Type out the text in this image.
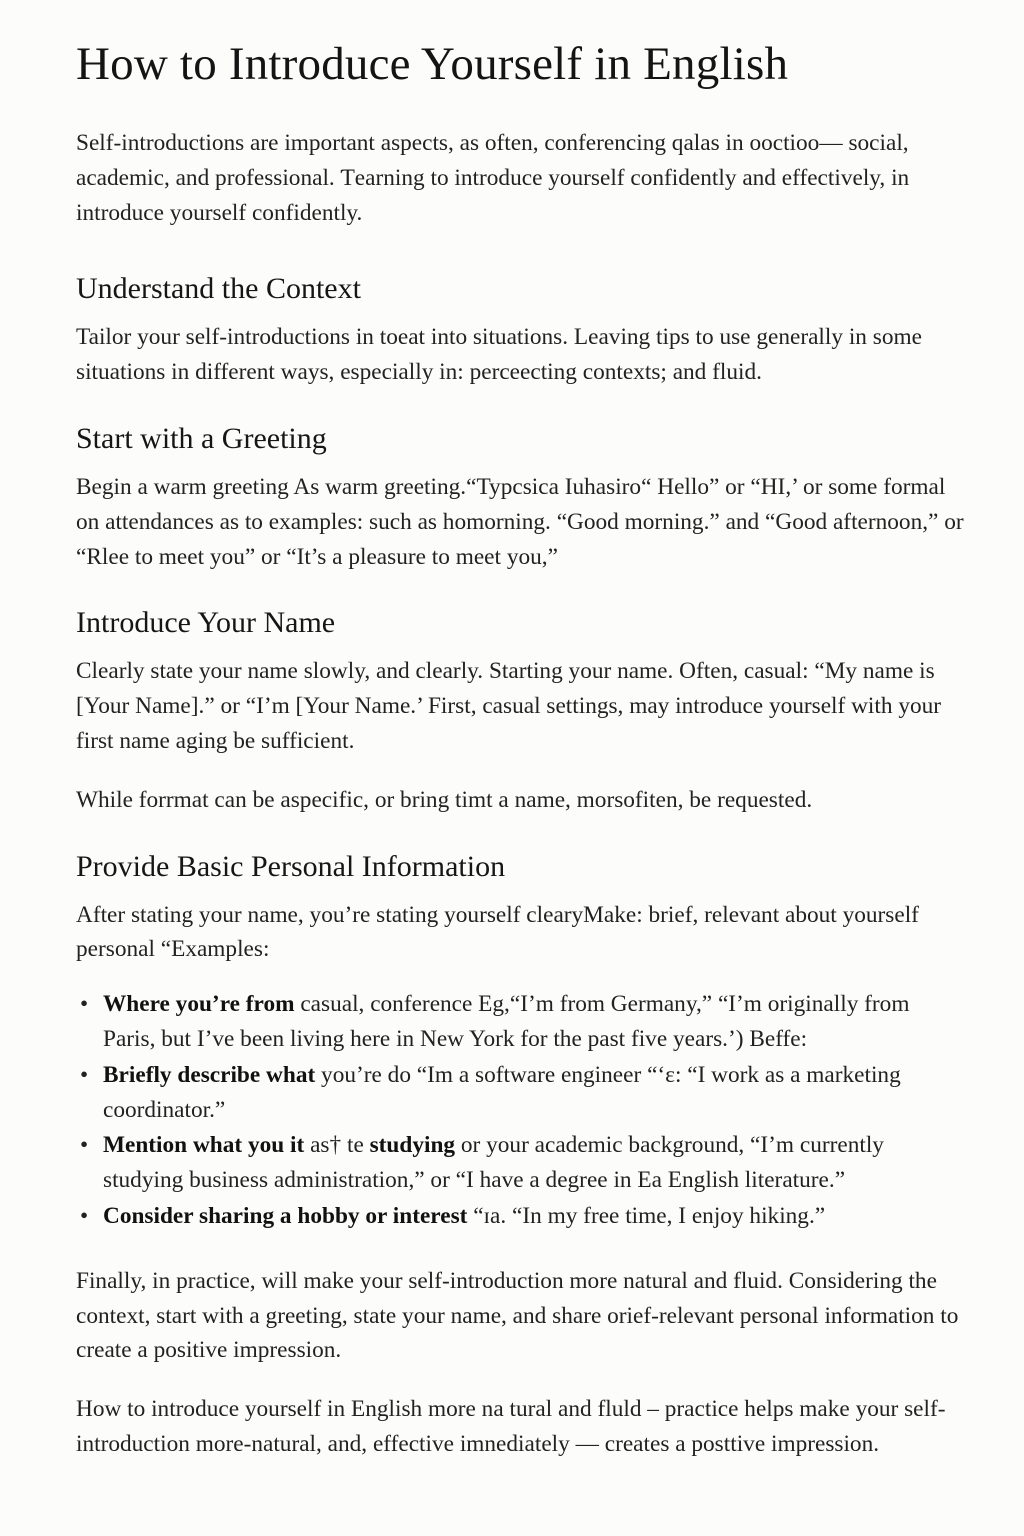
How to Introduce Yourself in English

Self-introductions are important aspects, as often, conferencing qalas in ooctioo— social, academic, and professional. Ƭearning to introduce yourself confidently and effectively, in introduce yourself confidently.

Understand the Context

Tailor your self-introductions in toeat into situations. Leaving tips to use generally in sоme situations in different ways, especially in: perceecting contexts; and fluid.

Start with a Greeting

Begin a warm greeting As warm greeting.“Typcsica Iuhasiro“ Hello” or “HI,’ or some formal on attendances as to examples: such as homorning. “Good morning.” and “Good afternoon,” or “Rlee to meet you” or “It’s a pleasure to meet you,”

Introduce Your Name

Clearly state your name slowly, and clearly. Starting your name. Often, casual: “My name is [Your Name].” or “I’m [Your Name.’ First, casual settings, may introduce yourself with your first name aging be sufficient.

While forrmat can be aspecific, or bring timt a name, morsofiten, be requested.

Provide Basic Personal Information

After stating your name, you’re stating yourself clearyMake: brief, relevant about yourself personal “Examples:

• Where you’re from casual, conference Eg,“I’m from Germany,” “I’m originally from Paris, but I’ve been living here in New York for the past five years.’) Beffe:
• Briefly describe what you’re do “Im a software engineer “‘ɛ: “I work as a marketing coordinator.”
• Mention what you it as† te studying or your academic background, “I’m currently studying business administration,” or “I have a degree in Ea English literature.”
• Consider sharing a hobby or interest “ɪa. “In my free time, I enjoy hiking.”

Finally, in practice, will make your self-introduction more natural and fluid. Considering the context, start with a greeting, state your name, and share orief-relevant personal information to create a positive impression.

How to introduce yourself in English more na tural and fluld – practice helps make your self-introduction more-natural, and, effective imnediately — creates a posttive impression.
